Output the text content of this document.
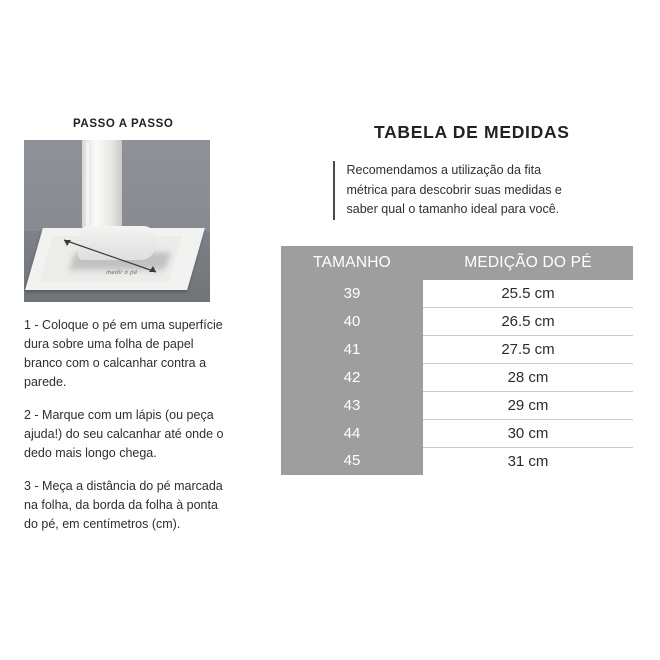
PASSO A PASSO
medir o pé
1 - Coloque o pé em uma superfície dura sobre uma folha de papel branco com o calcanhar contra a parede.
2 - Marque com um lápis (ou peça ajuda!) do seu calcanhar até onde o dedo mais longo chega.
3 - Meça a distância do pé marcada na folha, da borda da folha à ponta do pé, em centímetros (cm).
TABELA DE MEDIDAS
Recomendamos a utilização da fita métrica para descobrir suas medidas e saber qual o tamanho ideal para você.
TAMANHO	MEDIÇÃO DO PÉ
39	25.5 cm
40	26.5 cm
41	27.5 cm
42	28 cm
43	29 cm
44	30 cm
45	31 cm
